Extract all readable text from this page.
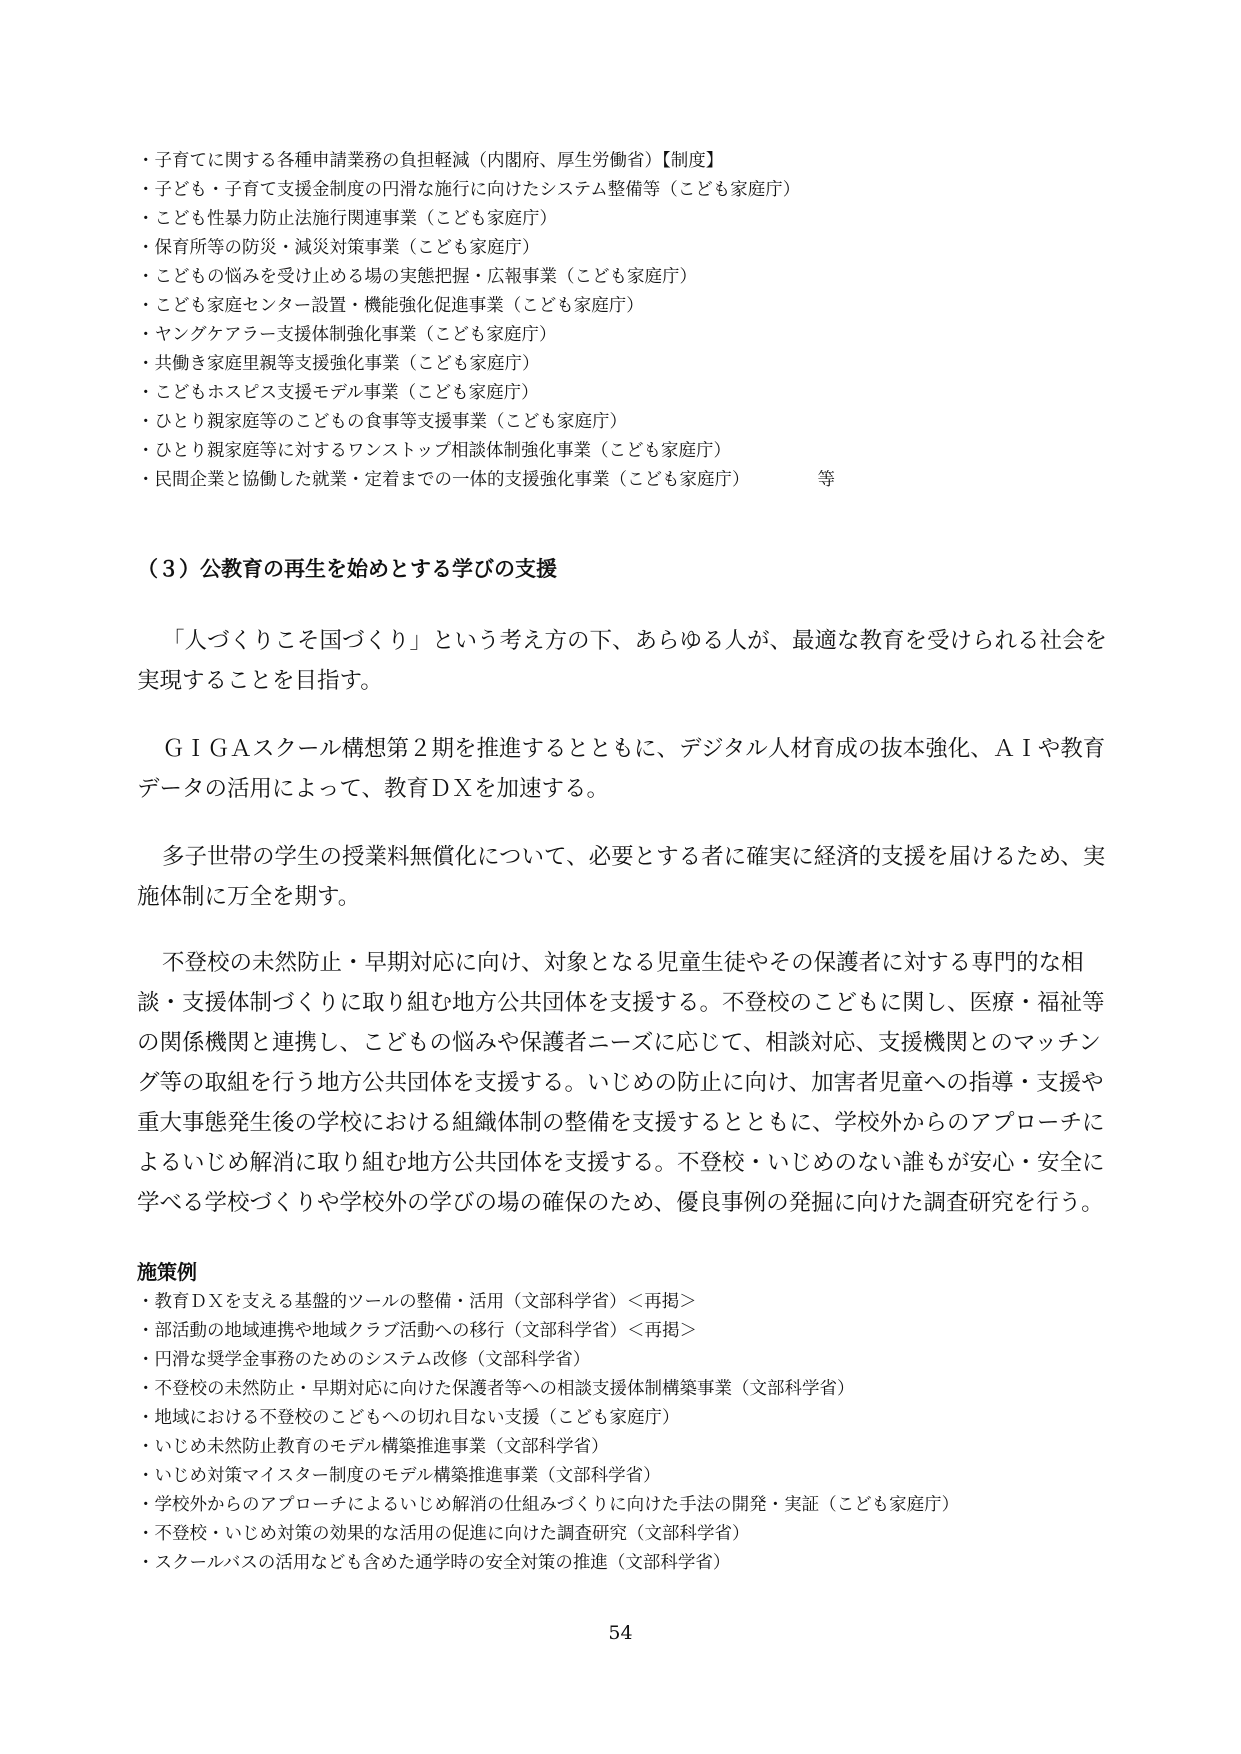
・子育てに関する各種申請業務の負担軽減（内閣府、厚生労働省）【制度】
・子ども・子育て支援金制度の円滑な施行に向けたシステム整備等（こども家庭庁）
・こども性暴力防止法施行関連事業（こども家庭庁）
・保育所等の防災・減災対策事業（こども家庭庁）
・こどもの悩みを受け止める場の実態把握・広報事業（こども家庭庁）
・こども家庭センター設置・機能強化促進事業（こども家庭庁）
・ヤングケアラー支援体制強化事業（こども家庭庁）
・共働き家庭里親等支援強化事業（こども家庭庁）
・こどもホスピス支援モデル事業（こども家庭庁）
・ひとり親家庭等のこどもの食事等支援事業（こども家庭庁）
・ひとり親家庭等に対するワンストップ相談体制強化事業（こども家庭庁）
・民間企業と協働した就業・定着までの一体的支援強化事業（こども家庭庁）	等
（３）公教育の再生を始めとする学びの支援

「人づくりこそ国づくり」という考え方の下、あらゆる人が、最適な教育を受けられる社会を実現することを目指す。

ＧＩＧＡスクール構想第２期を推進するとともに、デジタル人材育成の抜本強化、ＡＩや教育データの活用によって、教育ＤＸを加速する。

多子世帯の学生の授業料無償化について、必要とする者に確実に経済的支援を届けるため、実施体制に万全を期す。

不登校の未然防止・早期対応に向け、対象となる児童生徒やその保護者に対する専門的な相談・支援体制づくりに取り組む地方公共団体を支援する。不登校のこどもに関し、医療・福祉等の関係機関と連携し、こどもの悩みや保護者ニーズに応じて、相談対応、支援機関とのマッチング等の取組を行う地方公共団体を支援する。いじめの防止に向け、加害者児童への指導・支援や重大事態発生後の学校における組織体制の整備を支援するとともに、学校外からのアプローチによるいじめ解消に取り組む地方公共団体を支援する。不登校・いじめのない誰もが安心・安全に学べる学校づくりや学校外の学びの場の確保のため、優良事例の発掘に向けた調査研究を行う。

施策例
・教育ＤＸを支える基盤的ツールの整備・活用（文部科学省）＜再掲＞
・部活動の地域連携や地域クラブ活動への移行（文部科学省）＜再掲＞
・円滑な奨学金事務のためのシステム改修（文部科学省）
・不登校の未然防止・早期対応に向けた保護者等への相談支援体制構築事業（文部科学省）
・地域における不登校のこどもへの切れ目ない支援（こども家庭庁）
・いじめ未然防止教育のモデル構築推進事業（文部科学省）
・いじめ対策マイスター制度のモデル構築推進事業（文部科学省）
・学校外からのアプローチによるいじめ解消の仕組みづくりに向けた手法の開発・実証（こども家庭庁）
・不登校・いじめ対策の効果的な活用の促進に向けた調査研究（文部科学省）
・スクールバスの活用なども含めた通学時の安全対策の推進（文部科学省）
54
